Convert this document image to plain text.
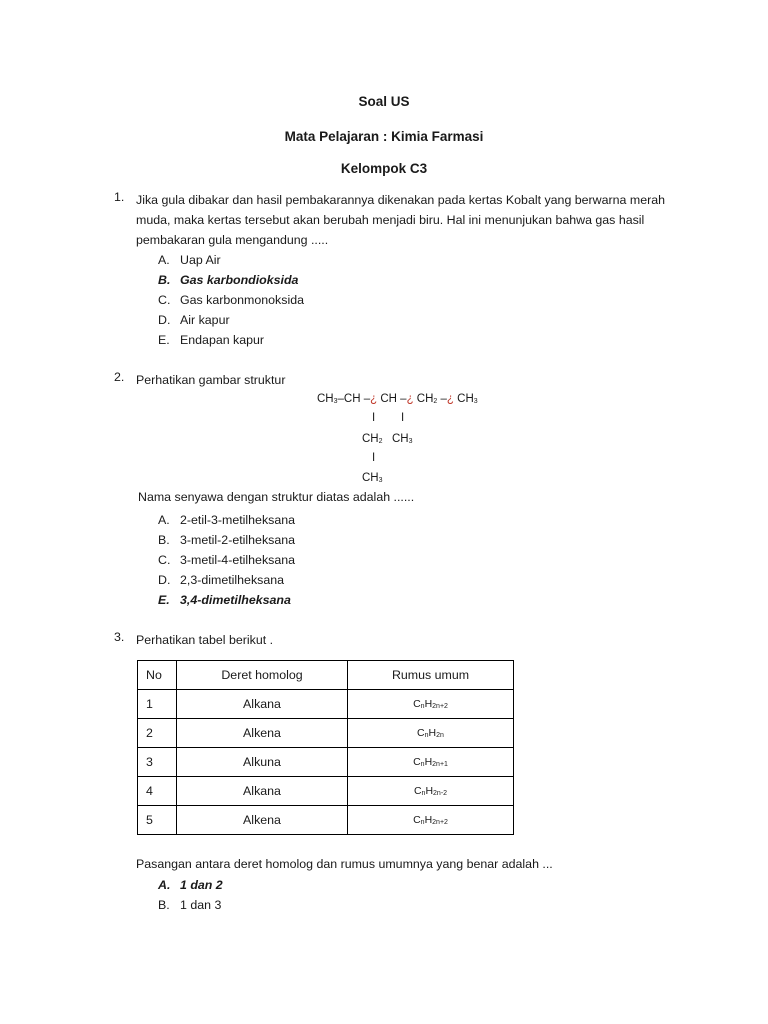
Soal US
Mata Pelajaran : Kimia Farmasi
Kelompok C3
1. Jika gula dibakar dan hasil pembakarannya dikenakan pada kertas Kobalt yang berwarna merah muda, maka kertas tersebut akan berubah menjadi biru. Hal ini menunjukan bahwa gas hasil pembakaran gula mengandung .....
A. Uap Air
B. Gas karbondioksida
C. Gas karbonmonoksida
D. Air kapur
E. Endapan kapur
2. Perhatikan gambar struktur
$CH_3-CH$ –¿ CH –¿ $CH_2$ –¿ $CH_3$
I I
$CH_2$ $CH_3$
I
$CH_3$
Nama senyawa dengan struktur diatas adalah ......
A. 2-etil-3-metilheksana
B. 3-metil-2-etilheksana
C. 3-metil-4-etilheksana
D. 2,3-dimetilheksana
E. 3,4-dimetilheksana
3. Perhatikan tabel berikut .
No	Deret homolog	Rumus umum
1	Alkana	$C_nH_{2n+2}$
2	Alkena	$C_nH_{2n}$
3	Alkuna	$C_nH_{2n+1}$
4	Alkana	$C_nH_{2n-2}$
5	Alkena	$C_nH_{2n+2}$
Pasangan antara deret homolog dan rumus umumnya yang benar adalah ...
A. 1 dan 2
B. 1 dan 3
